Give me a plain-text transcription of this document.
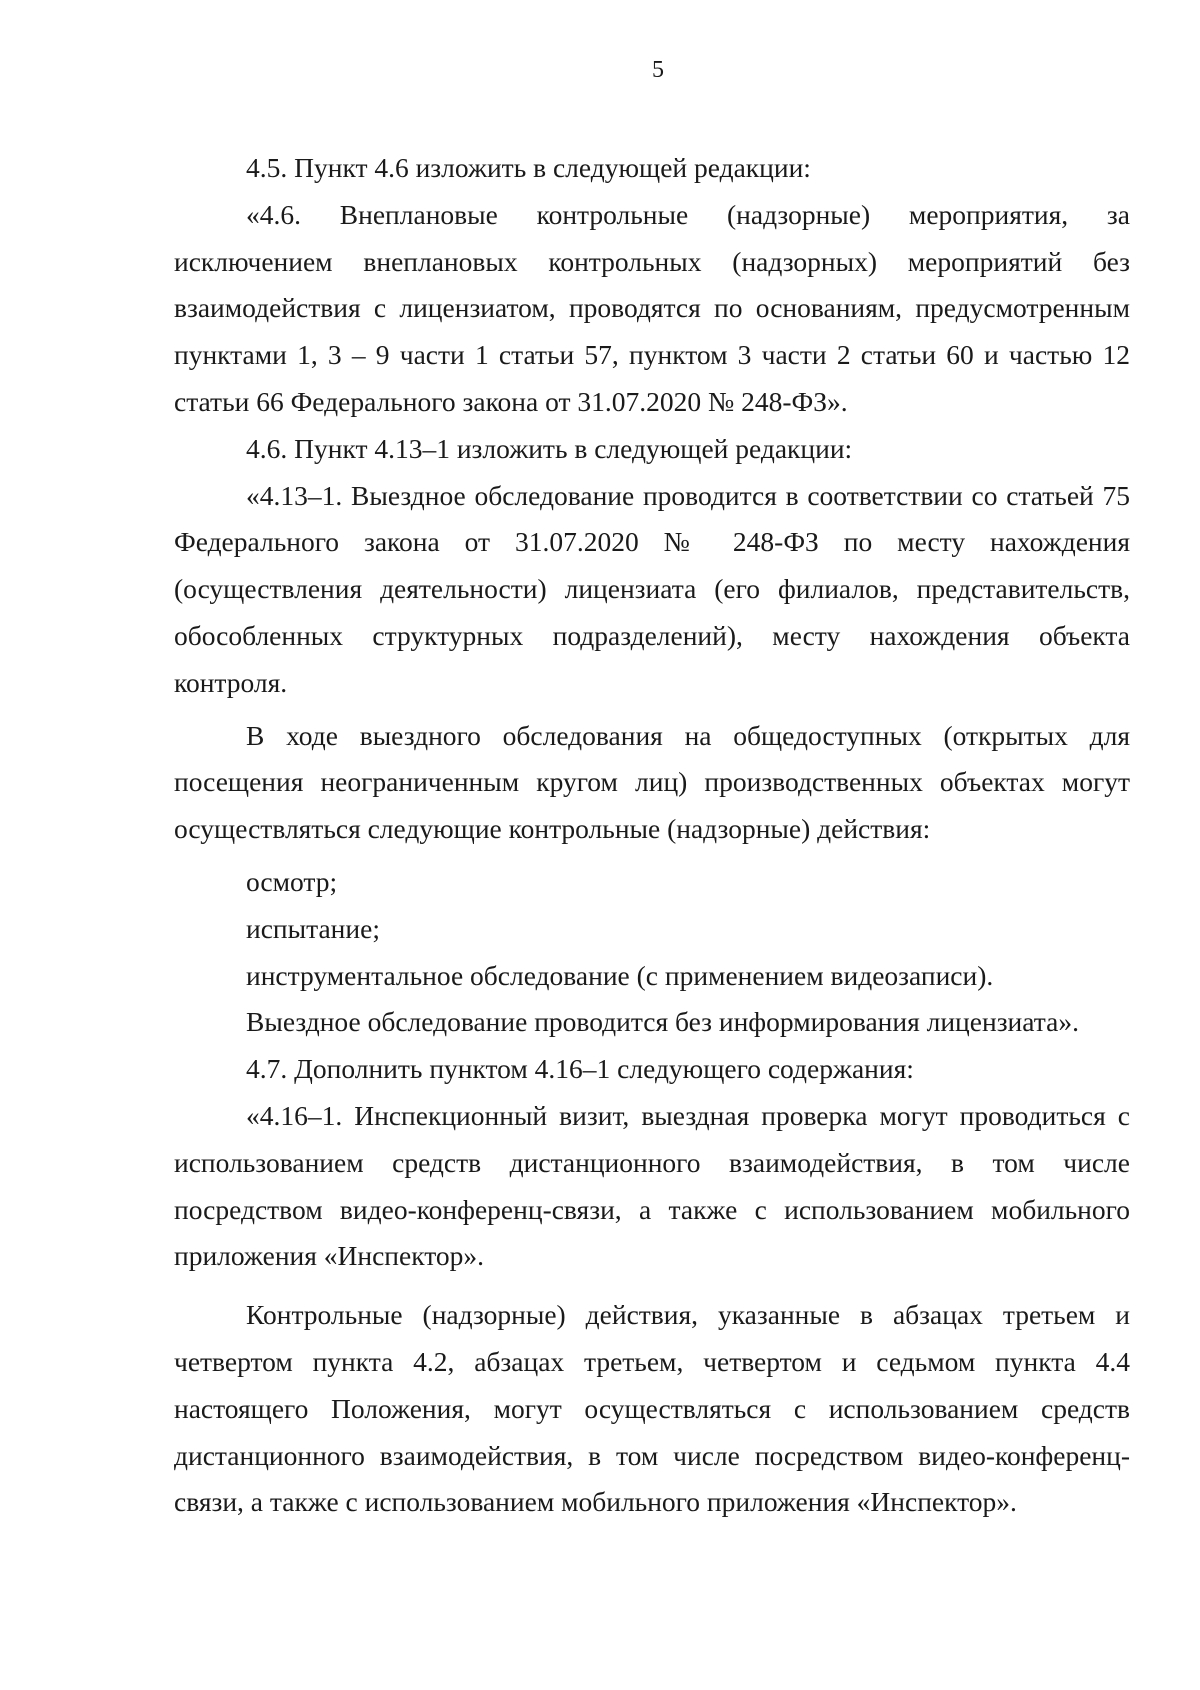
5

4.5. Пункт 4.6 изложить в следующей редакции:

«4.6. Внеплановые контрольные (надзорные) мероприятия, за исключением внеплановых контрольных (надзорных) мероприятий без взаимодействия с лицензиатом, проводятся по основаниям, предусмотренным пунктами 1, 3 – 9 части 1 статьи 57, пунктом 3 части 2 статьи 60 и частью 12 статьи 66 Федерального закона от 31.07.2020 № 248-ФЗ».

4.6. Пункт 4.13–1 изложить в следующей редакции:

«4.13–1. Выездное обследование проводится в соответствии со статьей 75 Федерального закона от 31.07.2020 № 248-ФЗ по месту нахождения (осуществления деятельности) лицензиата (его филиалов, представительств, обособленных структурных подразделений), месту нахождения объекта контроля.

В ходе выездного обследования на общедоступных (открытых для посещения неограниченным кругом лиц) производственных объектах могут осуществляться следующие контрольные (надзорные) действия:

осмотр;

испытание;

инструментальное обследование (с применением видеозаписи).

Выездное обследование проводится без информирования лицензиата».

4.7. Дополнить пунктом 4.16–1 следующего содержания:

«4.16–1. Инспекционный визит, выездная проверка могут проводиться с использованием средств дистанционного взаимодействия, в том числе посредством видео-конференц-связи, а также с использованием мобильного приложения «Инспектор».

Контрольные (надзорные) действия, указанные в абзацах третьем и четвертом пункта 4.2, абзацах третьем, четвертом и седьмом пункта 4.4 настоящего Положения, могут осуществляться с использованием средств дистанционного взаимодействия, в том числе посредством видео-конференц-связи, а также с использованием мобильного приложения «Инспектор».
